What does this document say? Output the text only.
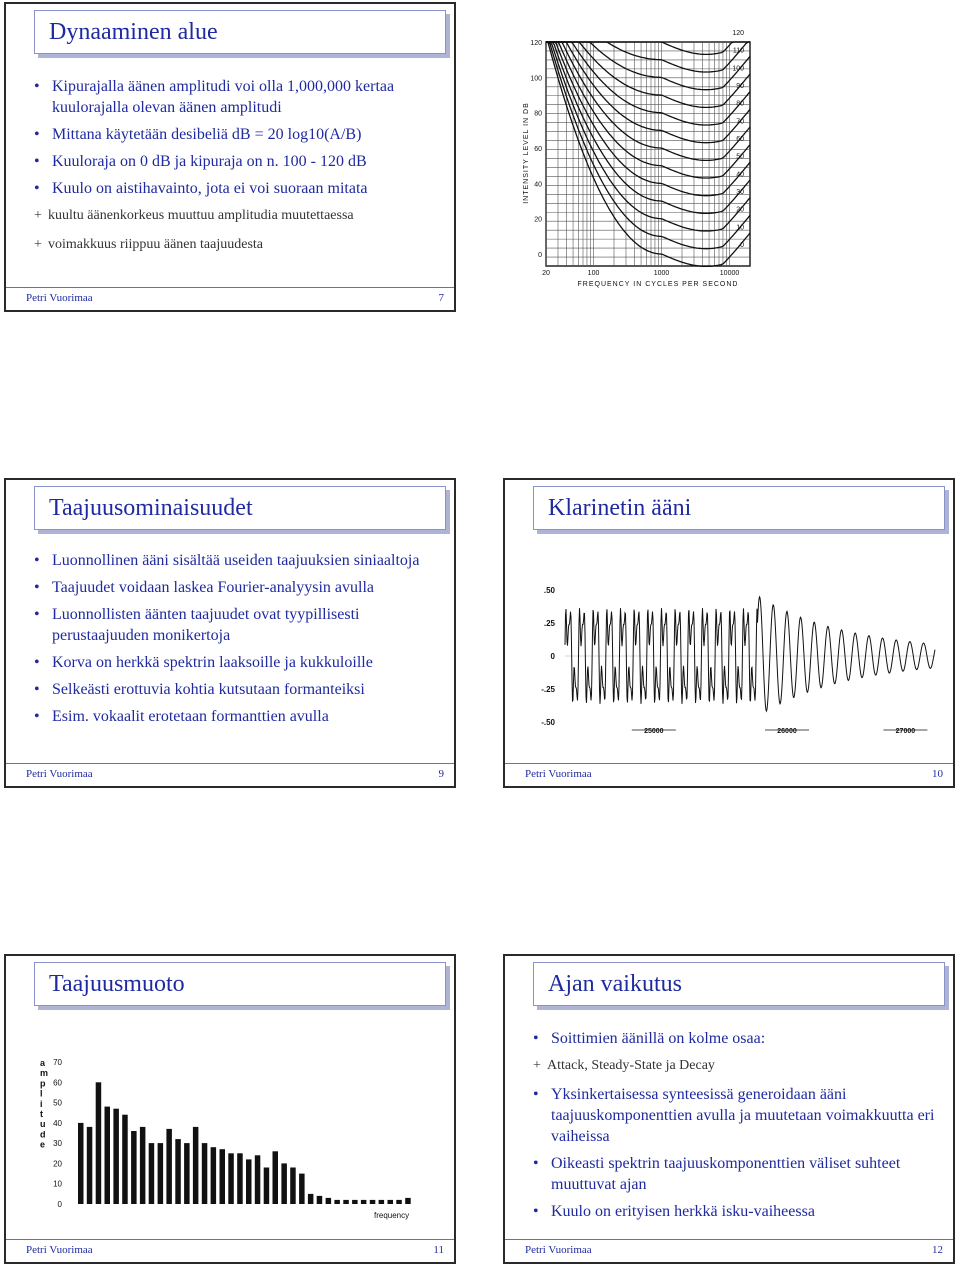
Dynaaminen alue
• Kipurajalla äänen amplitudi voi olla 1,000,000 kertaa kuulorajalla olevan äänen amplitudi
• Mittana käytetään desibeliä dB = 20 log10(A/B)
• Kuuloraja on 0 dB ja kipuraja on n. 100 - 120 dB
• Kuulo on aistihavainto, jota ei voi suoraan mitata
+ kuultu äänenkorkeus muuttuu amplitudia muutettaessa
+ voimakkuus riippuu äänen taajuudesta
Petri Vuorimaa	7
120
100
80
60
40
20
0
20	100	1000	10000
FREQUENCY IN CYCLES PER SECOND
INTENSITY LEVEL IN DB
120
110
100
90
80
70
60
50
40
30
20
10
0
Taajuusominaisuudet
• Luonnollinen ääni sisältää useiden taajuuksien siniaaltoja
• Taajuudet voidaan laskea Fourier-analyysin avulla
• Luonnollisten äänten taajuudet ovat tyypillisesti perustaajuuden monikertoja
• Korva on herkkä spektrin laaksoille ja kukkuloille
• Selkeästi erottuvia kohtia kutsutaan formanteiksi
• Esim. vokaalit erotetaan formanttien avulla
Petri Vuorimaa	9
Klarinetin ääni
.50
.25
0
-.25
-.50
25000	26000	27000
Petri Vuorimaa	10
Taajuusmuoto
a
m
p
l
i
t
u
d
e
70
60
50
40
30
20
10
0
frequency
Petri Vuorimaa	11
Ajan vaikutus
• Soittimien äänillä on kolme osaa:
+ Attack, Steady-State ja Decay
• Yksinkertaisessa synteesissä generoidaan ääni taajuuskomponenttien avulla ja muutetaan voimakkuutta eri vaiheissa
• Oikeasti spektrin taajuuskomponenttien väliset suhteet muuttuvat ajan
• Kuulo on erityisen herkkä isku-vaiheessa
Petri Vuorimaa	12
